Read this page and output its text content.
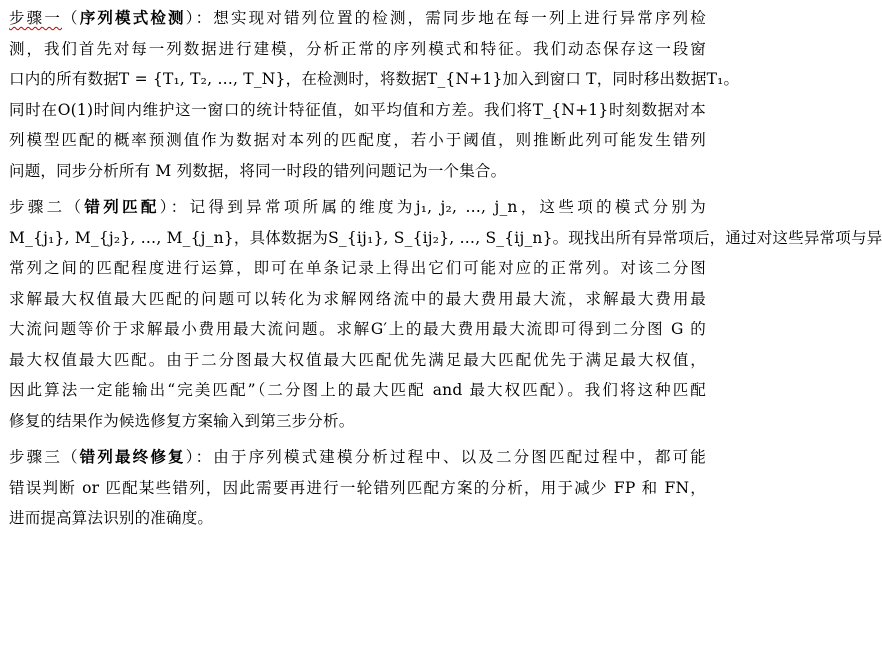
步骤一（序列模式检测）：想实现对错列位置的检测，需同步地在每一列上进行异常序列检
测，我们首先对每一列数据进行建模，分析正常的序列模式和特征。我们动态保存这一段窗
口内的所有数据T = {T₁, T₂, …, T_N}，在检测时，将数据T_{N+1}加入到窗口 T，同时移出数据T₁。
同时在O(1)时间内维护这一窗口的统计特征值，如平均值和方差。我们将T_{N+1}时刻数据对本
列模型匹配的概率预测值作为数据对本列的匹配度，若小于阈值，则推断此列可能发生错列
问题，同步分析所有 M 列数据，将同一时段的错列问题记为一个集合。
步骤二（错列匹配）：记得到异常项所属的维度为j₁, j₂, …, j_n，这些项的模式分别为
M_{j₁}, M_{j₂}, …, M_{j_n}，具体数据为S_{ij₁}, S_{ij₂}, …, S_{ij_n}。现找出所有异常项后，通过对这些异常项与异
常列之间的匹配程度进行运算，即可在单条记录上得出它们可能对应的正常列。对该二分图
求解最大权值最大匹配的问题可以转化为求解网络流中的最大费用最大流，求解最大费用最
大流问题等价于求解最小费用最大流问题。求解G′上的最大费用最大流即可得到二分图 G 的
最大权值最大匹配。由于二分图最大权值最大匹配优先满足最大匹配优先于满足最大权值，
因此算法一定能输出“完美匹配”（二分图上的最大匹配 and 最大权匹配）。我们将这种匹配
修复的结果作为候选修复方案输入到第三步分析。
步骤三（错列最终修复）：由于序列模式建模分析过程中、以及二分图匹配过程中，都可能
错误判断 or 匹配某些错列，因此需要再进行一轮错列匹配方案的分析，用于减少 FP 和 FN，
进而提高算法识别的准确度。
